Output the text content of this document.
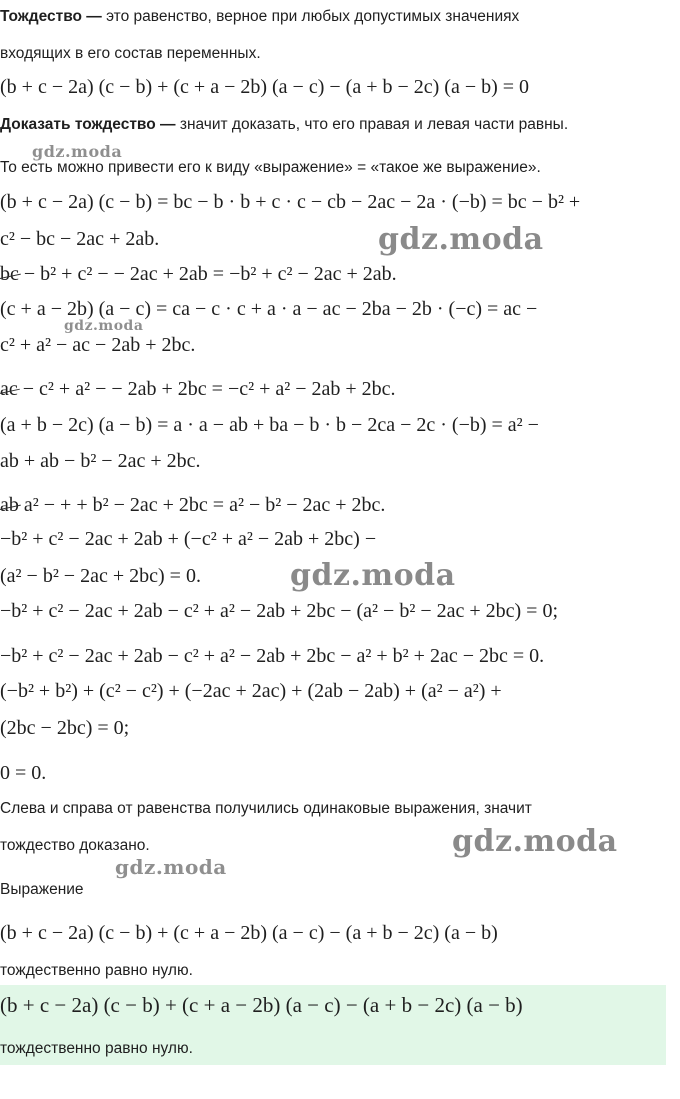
Тождество — это равенство, верное при любых допустимых значениях
входящих в его состав переменных.
(b + c − 2a) (c − b) + (c + a − 2b) (a − c) − (a + b − 2c) (a − b) = 0
Доказать тождество — значит доказать, что его правая и левая части равны.
То есть можно привести его к виду «выражение» = «такое же выражение».
(b + c − 2a) (c − b) = bc − b · b + c · c − cb − 2ac − 2a · (−b) = bc − b² +
c² − bc − 2ac + 2ab.
bc − b² + c² − − 2ac + 2ab = −b² + c² − 2ac + 2ab.
(c + a − 2b) (a − c) = ca − c · c + a · a − ac − 2ba − 2b · (−c) = ac −
c² + a² − ac − 2ab + 2bc.
ac − c² + a² − − 2ab + 2bc = −c² + a² − 2ab + 2bc.
(a + b − 2c) (a − b) = a · a − ab + ba − b · b − 2ca − 2c · (−b) = a² −
ab + ab − b² − 2ac + 2bc.
ab a² − + + b² − 2ac + 2bc = a² − b² − 2ac + 2bc.
−b² + c² − 2ac + 2ab + (−c² + a² − 2ab + 2bc) −
(a² − b² − 2ac + 2bc) = 0.
−b² + c² − 2ac + 2ab − c² + a² − 2ab + 2bc − (a² − b² − 2ac + 2bc) = 0;
−b² + c² − 2ac + 2ab − c² + a² − 2ab + 2bc − a² + b² + 2ac − 2bc = 0.
(−b² + b²) + (c² − c²) + (−2ac + 2ac) + (2ab − 2ab) + (a² − a²) +
(2bc − 2bc) = 0;
0 = 0.
Слева и справа от равенства получились одинаковые выражения, значит
тождество доказано.
Выражение
(b + c − 2a) (c − b) + (c + a − 2b) (a − c) − (a + b − 2c) (a − b)
тождественно равно нулю.
(b + c − 2a) (c − b) + (c + a − 2b) (a − c) − (a + b − 2c) (a − b)
тождественно равно нулю.
gdz.moda
gdz.moda
gdz.moda
gdz.moda
gdz.moda
gdz.moda
